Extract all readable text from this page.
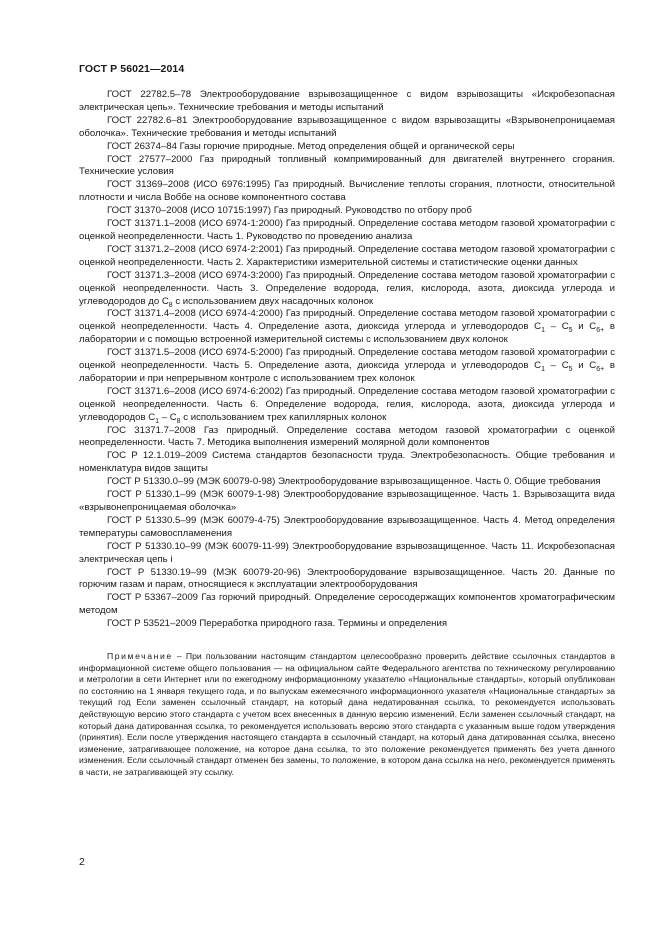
ГОСТ Р 56021—2014

ГОСТ 22782.5–78 Электрооборудование взрывозащищенное с видом взрывозащиты «Искробезопасная электрическая цепь». Технические требования и методы испытаний

ГОСТ 22782.6–81 Электрооборудование взрывозащищенное с видом взрывозащиты «Взрывонепроницаемая оболочка». Технические требования и методы испытаний

ГОСТ 26374–84 Газы горючие природные. Метод определения общей и органической серы

ГОСТ 27577–2000 Газ природный топливный компримированный для двигателей внутреннего сгорания. Технические условия

ГОСТ 31369–2008 (ИСО 6976:1995) Газ природный. Вычисление теплоты сгорания, плотности, относительной плотности и числа Воббе на основе компонентного состава

ГОСТ 31370–2008 (ИСО 10715:1997) Газ природный. Руководство по отбору проб

ГОСТ 31371.1–2008 (ИСО 6974-1:2000) Газ природный. Определение состава методом газовой хроматографии с оценкой неопределенности. Часть 1. Руководство по проведению анализа

ГОСТ 31371.2–2008 (ИСО 6974-2:2001) Газ природный. Определение состава методом газовой хроматографии с оценкой неопределенности. Часть 2. Характеристики измерительной системы и статистические оценки данных

ГОСТ 31371.3–2008 (ИСО 6974-3:2000) Газ природный. Определение состава методом газовой хроматографии с оценкой неопределенности. Часть 3. Определение водорода, гелия, кислорода, азота, диоксида углерода и углеводородов до $C_8$ с использованием двух насадочных колонок

ГОСТ 31371.4–2008 (ИСО 6974-4:2000) Газ природный. Определение состава методом газовой хроматографии с оценкой неопределенности. Часть 4. Определение азота, диоксида углерода и углеводородов $C_1 - C_5$ и $C_{6+}$ в лаборатории и с помощью встроенной измерительной системы с использованием двух колонок

ГОСТ 31371.5–2008 (ИСО 6974-5:2000) Газ природный. Определение состава методом газовой хроматографии с оценкой неопределенности. Часть 5. Определение азота, диоксида углерода и углеводородов $C_1 - C_5$ и $C_{6+}$ в лаборатории и при непрерывном контроле с использованием трех колонок

ГОСТ 31371.6–2008 (ИСО 6974-6:2002) Газ природный. Определение состава методом газовой хроматографии с оценкой неопределенности. Часть 6. Определение водорода, гелия, кислорода, азота, диоксида углерода и углеводородов $C_1 - C_8$ с использованием трех капиллярных колонок

ГОС 31371.7–2008 Газ природный. Определение состава методом газовой хроматографии с оценкой неопределенности. Часть 7. Методика выполнения измерений молярной доли компонентов

ГОС Р 12.1.019–2009 Система стандартов безопасности труда. Электробезопасность. Общие требования и номенклатура видов защиты

ГОСТ Р 51330.0–99 (МЭК 60079-0-98) Электрооборудование взрывозащищенное. Часть 0. Общие требования

ГОСТ Р 51330.1–99 (МЭК 60079-1-98) Электрооборудование взрывозащищенное. Часть 1. Взрывозащита вида «взрывонепроницаемая оболочка»

ГОСТ Р 51330.5–99 (МЭК 60079-4-75) Электрооборудование взрывозащищенное. Часть 4. Метод определения температуры самовоспламенения

ГОСТ Р 51330.10–99 (МЭК 60079-11-99) Электрооборудование взрывозащищенное. Часть 11. Искробезопасная электрическая цепь i

ГОСТ Р 51330.19–99 (МЭК 60079-20-96) Электрооборудование взрывозащищенное. Часть 20. Данные по горючим газам и парам, относящиеся к эксплуатации электрооборудования

ГОСТ Р 53367–2009 Газ горючий природный. Определение серосодержащих компонентов хроматографическим методом

ГОСТ Р 53521–2009 Переработка природного газа. Термины и определения

Примечание – При пользовании настоящим стандартом целесообразно проверить действие ссылочных стандартов в информационной системе общего пользования — на официальном сайте Федерального агентства по техническому регулированию и метрологии в сети Интернет или по ежегодному информационному указателю «Национальные стандарты», который опубликован по состоянию на 1 января текущего года, и по выпускам ежемесячного информационного указателя «Национальные стандарты» за текущий год Если заменен ссылочный стандарт, на который дана недатированная ссылка, то рекомендуется использовать действующую версию этого стандарта с учетом всех внесенных в данную версию изменений. Если заменен ссылочный стандарт, на который дана датированная ссылка, то рекомендуется использовать версию этого стандарта с указанным выше годом утверждения (принятия). Если после утверждения настоящего стандарта в ссылочный стандарт, на который дана датированная ссылка, внесено изменение, затрагивающее положение, на которое дана ссылка, то это положение рекомендуется применять без учета данного изменения. Если ссылочный стандарт отменен без замены, то положение, в котором дана ссылка на него, рекомендуется применять в части, не затрагивающей эту ссылку.
2
